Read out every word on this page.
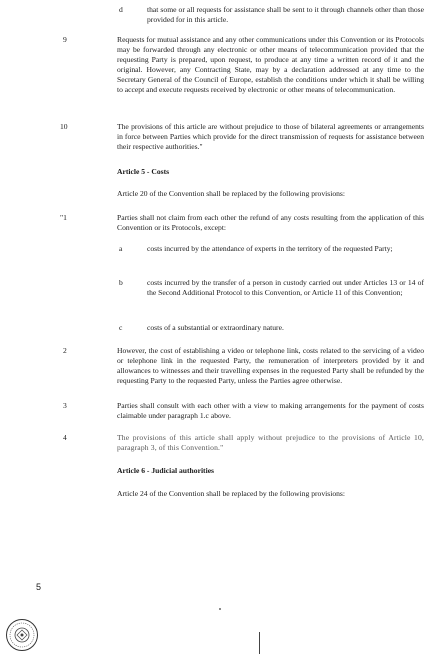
d	that some or all requests for assistance shall be sent to it through channels other than those provided for in this article.
9	Requests for mutual assistance and any other communications under this Convention or its Protocols may be forwarded through any electronic or other means of telecommunication provided that the requesting Party is prepared, upon request, to produce at any time a written record of it and the original. However, any Contracting State, may by a declaration addressed at any time to the Secretary General of the Council of Europe, establish the conditions under which it shall be willing to accept and execute requests received by electronic or other means of telecommunication.
10	The provisions of this article are without prejudice to those of bilateral agreements or arrangements in force between Parties which provide for the direct transmission of requests for assistance between their respective authorities."
Article 5 - Costs
Article 20 of the Convention shall be replaced by the following provisions:
"1	Parties shall not claim from each other the refund of any costs resulting from the application of this Convention or its Protocols, except:
a	costs incurred by the attendance of experts in the territory of the requested Party;
b	costs incurred by the transfer of a person in custody carried out under Articles 13 or 14 of the Second Additional Protocol to this Convention, or Article 11 of this Convention;
c	costs of a substantial or extraordinary nature.
2	However, the cost of establishing a video or telephone link, costs related to the servicing of a video or telephone link in the requested Party, the remuneration of interpreters provided by it and allowances to witnesses and their travelling expenses in the requested Party shall be refunded by the requesting Party to the requested Party, unless the Parties agree otherwise.
3	Parties shall consult with each other with a view to making arrangements for the payment of costs claimable under paragraph 1.c above.
4	The provisions of this article shall apply without prejudice to the provisions of Article 10, paragraph 3, of this Convention."
Article 6 - Judicial authorities
Article 24 of the Convention shall be replaced by the following provisions:
5
